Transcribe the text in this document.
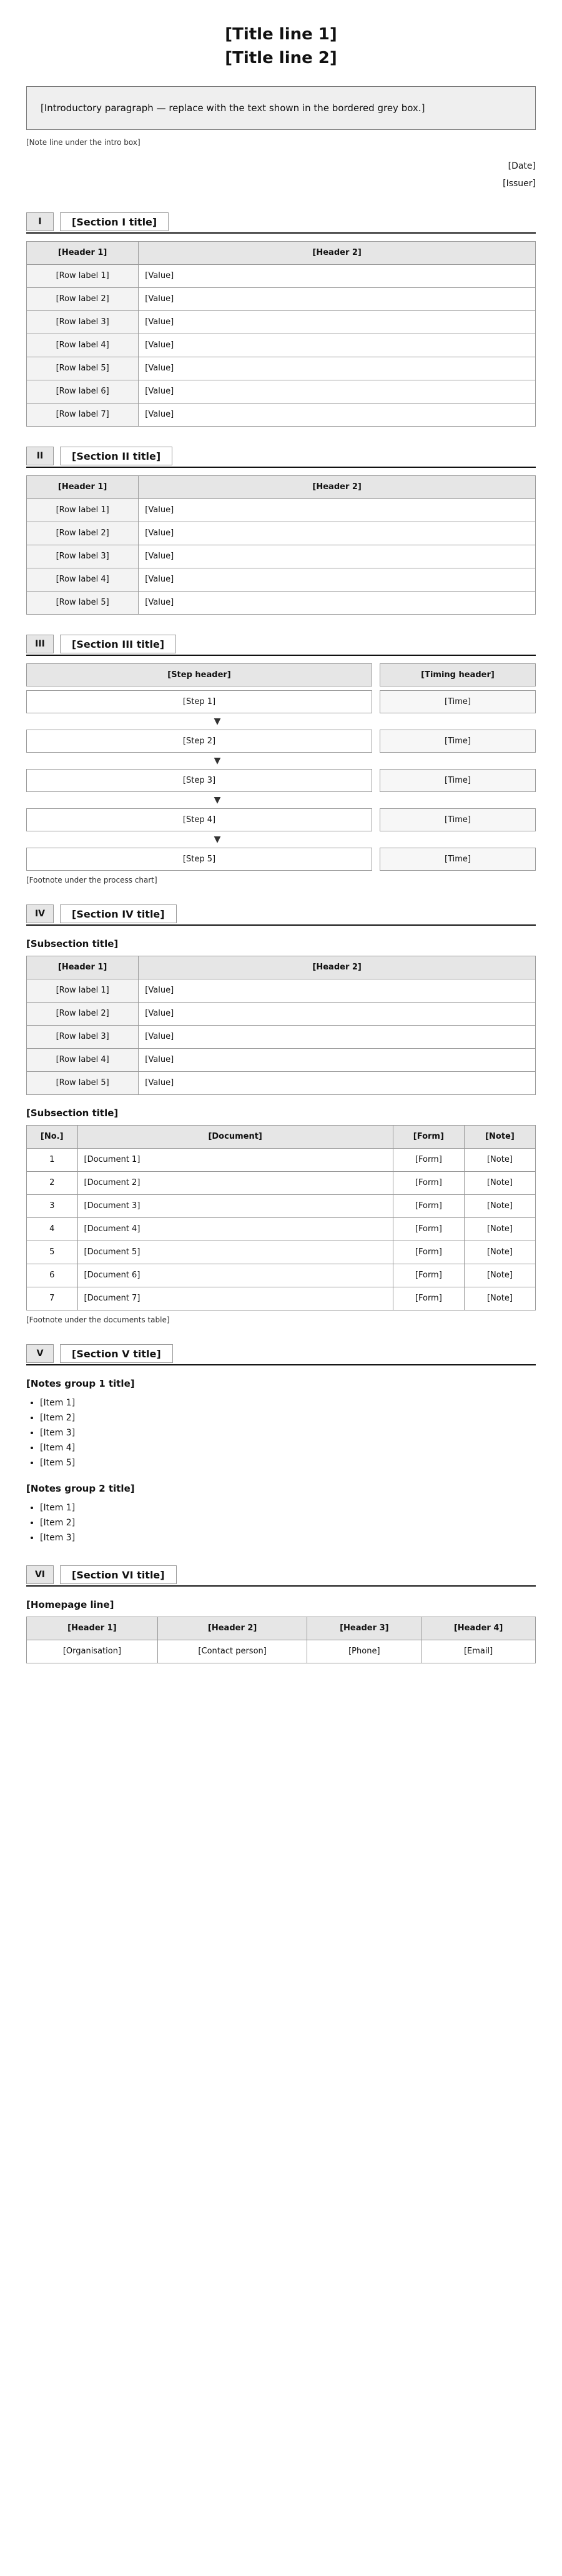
[Title line 1]
[Title line 2]
[Introductory paragraph — replace with the text shown in the bordered grey box.]

[Note line under the intro box]

[Date]
[Issuer]
I	[Section I title]
[Header 1]	[Header 2]
[Row label 1]	[Value]
[Row label 2]	[Value]
[Row label 3]	[Value]
[Row label 4]	[Value]
[Row label 5]	[Value]
[Row label 6]	[Value]
[Row label 7]	[Value]
II	[Section II title]
[Header 1]	[Header 2]
[Row label 1]	[Value]
[Row label 2]	[Value]
[Row label 3]	[Value]
[Row label 4]	[Value]
[Row label 5]	[Value]
III	[Section III title]
[Step header]	[Timing header]
[Step 1]	[Time]
▼
[Step 2]	[Time]
▼
[Step 3]	[Time]
▼
[Step 4]	[Time]
▼
[Step 5]	[Time]

[Footnote under the process chart]

IV	[Section IV title]
[Subsection title]
[Header 1]	[Header 2]
[Row label 1]	[Value]
[Row label 2]	[Value]
[Row label 3]	[Value]
[Row label 4]	[Value]
[Row label 5]	[Value]
[Subsection title]
[No.]	[Document]	[Form]	[Note]
1	[Document 1]	[Form]	[Note]
2	[Document 2]	[Form]	[Note]
3	[Document 3]	[Form]	[Note]
4	[Document 4]	[Form]	[Note]
5	[Document 5]	[Form]	[Note]
6	[Document 6]	[Form]	[Note]
7	[Document 7]	[Form]	[Note]

[Footnote under the documents table]

V	[Section V title]
[Notes group 1 title]
• [Item 1]
• [Item 2]
• [Item 3]
• [Item 4]
• [Item 5]
[Notes group 2 title]
• [Item 1]
• [Item 2]
• [Item 3]
VI	[Section VI title]
[Homepage line]
[Header 1]	[Header 2]	[Header 3]	[Header 4]
[Organisation]	[Contact person]	[Phone]	[Email]
